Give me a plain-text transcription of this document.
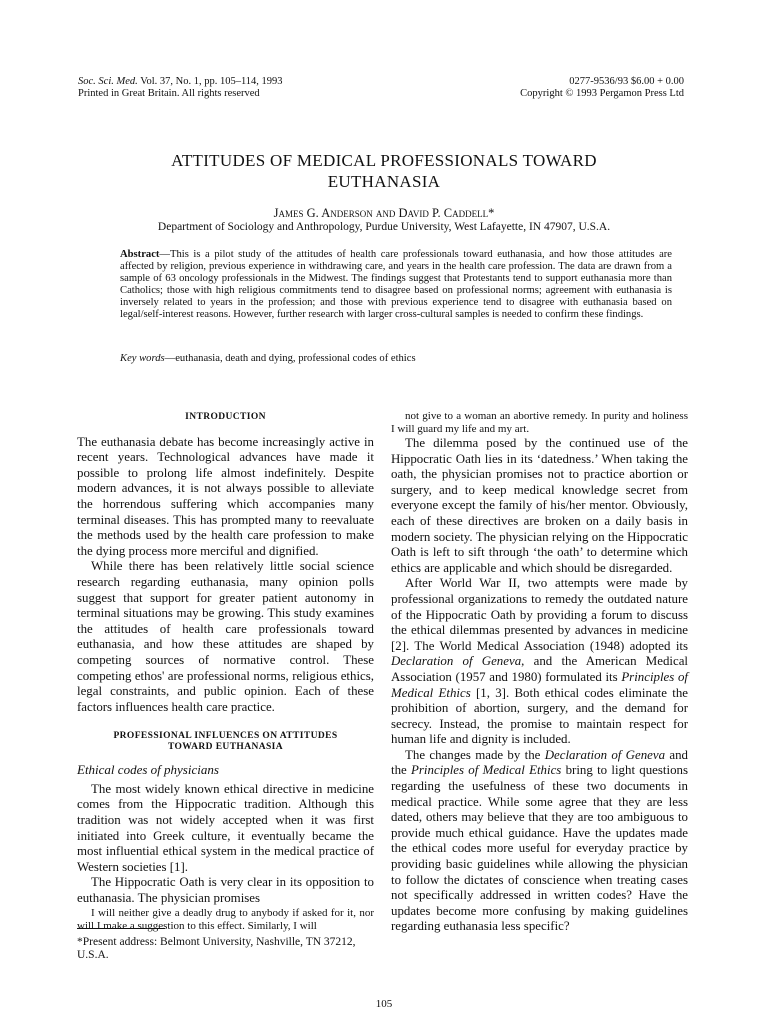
Soc. Sci. Med. Vol. 37, No. 1, pp. 105–114, 1993
Printed in Great Britain. All rights reserved
0277-9536/93 $6.00 + 0.00
Copyright © 1993 Pergamon Press Ltd
ATTITUDES OF MEDICAL PROFESSIONALS TOWARD
EUTHANASIA
James G. Anderson and David P. Caddell*
Department of Sociology and Anthropology, Purdue University, West Lafayette, IN 47907, U.S.A.
Abstract—This is a pilot study of the attitudes of health care professionals toward euthanasia, and how those attitudes are affected by religion, previous experience in withdrawing care, and years in the health care profession. The data are drawn from a sample of 63 oncology professionals in the Midwest. The findings suggest that Protestants tend to support euthanasia more than Catholics; those with high religious commitments tend to disagree based on professional norms; agreement with euthanasia is inversely related to years in the profession; and those with previous experience tend to disagree with euthanasia based on legal/self-interest reasons. However, further research with larger cross-cultural samples is needed to confirm these findings.
Key words—euthanasia, death and dying, professional codes of ethics
INTRODUCTION

The euthanasia debate has become increasingly active in recent years. Technological advances have made it possible to prolong life almost indefinitely. Despite modern advances, it is not always possible to alleviate the horrendous suffering which accompanies many terminal diseases. This has prompted many to reevaluate the methods used by the health care profession to make the dying process more merciful and dignified.

While there has been relatively little social science research regarding euthanasia, many opinion polls suggest that support for greater patient autonomy in terminal situations may be growing. This study examines the attitudes of health care professionals toward euthanasia, and how these attitudes are shaped by competing sources of normative control. These competing ethos' are professional norms, religious ethics, legal constraints, and public opinion. Each of these factors influences health care practice.

PROFESSIONAL INFLUENCES ON ATTITUDES
TOWARD EUTHANASIA
Ethical codes of physicians

The most widely known ethical directive in medicine comes from the Hippocratic tradition. Although this tradition was not widely accepted when it was first initiated into Greek culture, it eventually became the most influential ethical system in the medical practice of Western societies [1].

The Hippocratic Oath is very clear in its opposition to euthanasia. The physician promises

I will neither give a deadly drug to anybody if asked for it, nor will I make a suggestion to this effect. Similarly, I will

not give to a woman an abortive remedy. In purity and holiness I will guard my life and my art.

The dilemma posed by the continued use of the Hippocratic Oath lies in its ‘datedness.’ When taking the oath, the physician promises not to practice abortion or surgery, and to keep medical knowledge secret from everyone except the family of his/her mentor. Obviously, each of these directives are broken on a daily basis in modern society. The physician relying on the Hippocratic Oath is left to sift through ‘the oath’ to determine which ethics are applicable and which should be disregarded.

After World War II, two attempts were made by professional organizations to remedy the outdated nature of the Hippocratic Oath by providing a forum to discuss the ethical dilemmas presented by advances in medicine [2]. The World Medical Association (1948) adopted its Declaration of Geneva, and the American Medical Association (1957 and 1980) formulated its Principles of Medical Ethics [1, 3]. Both ethical codes eliminate the prohibition of abortion, surgery, and the demand for secrecy. Instead, the promise to maintain respect for human life and dignity is included.

The changes made by the Declaration of Geneva and the Principles of Medical Ethics bring to light questions regarding the usefulness of these two documents in medical practice. While some agree that they are less dated, others may believe that they are too ambiguous to provide much ethical guidance. Have the updates made the ethical codes more useful for everyday practice by providing basic guidelines while allowing the physician to follow the dictates of conscience when treating cases not specifically addressed in written codes? Have the updates become more confusing by making guidelines regarding euthanasia less specific?

*Present address: Belmont University, Nashville, TN 37212, U.S.A.
105
